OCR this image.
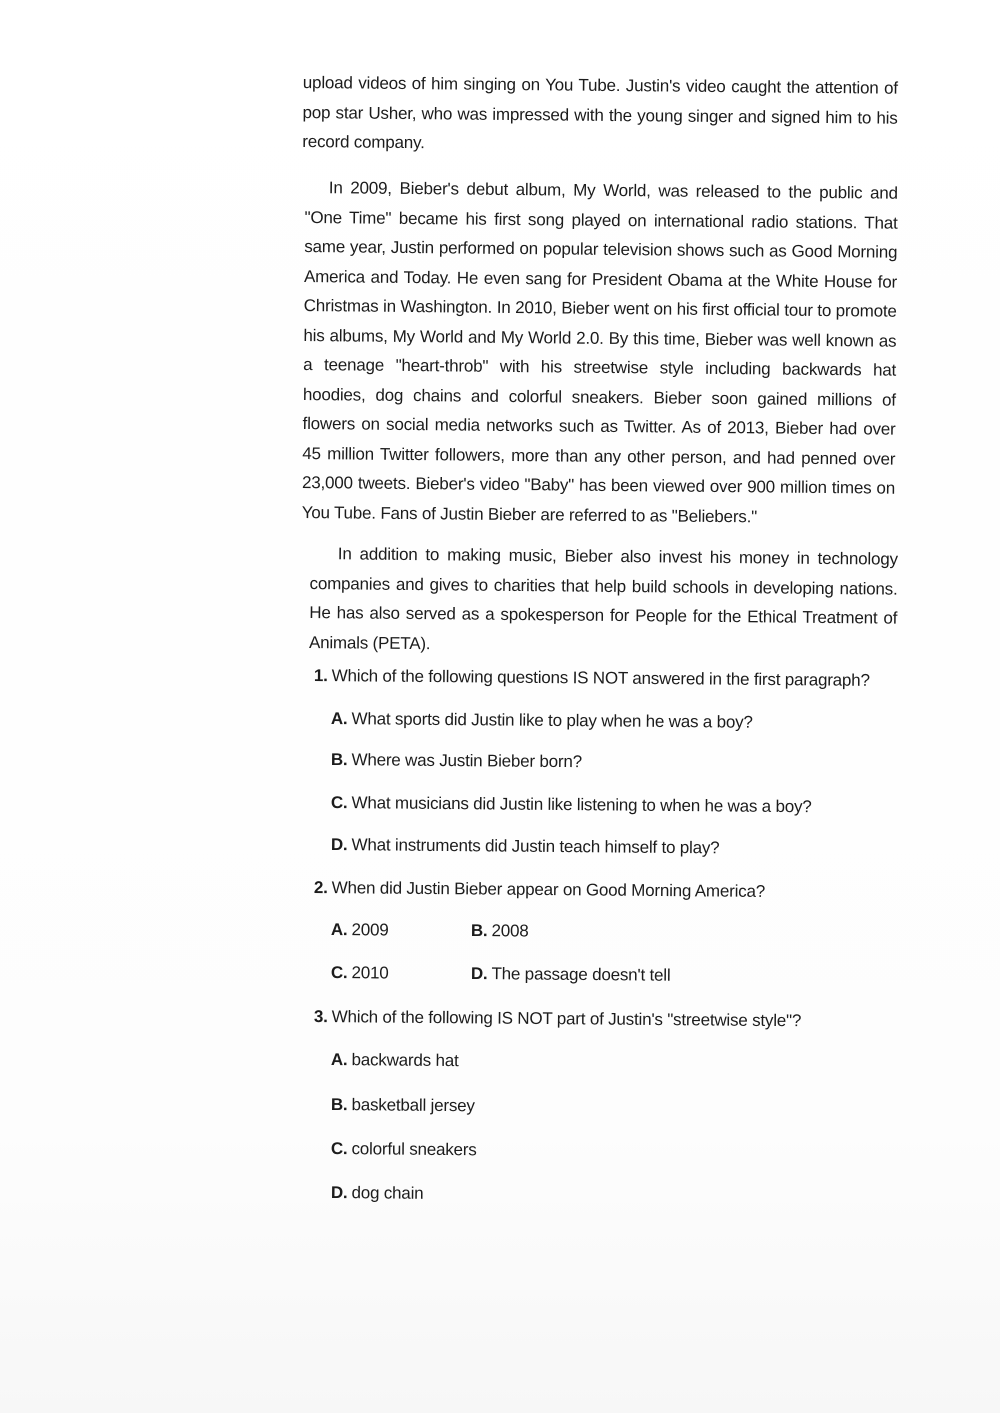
upload videos of him singing on You Tube. Justin's video caught the attention of pop star Usher, who was impressed with the young singer and signed him to his record company.

In 2009, Bieber's debut album, My World, was released to the public and "One Time" became his first song played on international radio stations. That same year, Justin performed on popular television shows such as Good Morning America and Today. He even sang for President Obama at the White House for Christmas in Washington. In 2010, Bieber went on his first official tour to promote his albums, My World and My World 2.0. By this time, Bieber was well known as a teenage "heart-throb" with his streetwise style including backwards hat hoodies, dog chains and colorful sneakers. Bieber soon gained millions of flowers on social media networks such as Twitter. As of 2013, Bieber had over 45 million Twitter followers, more than any other person, and had penned over 23,000 tweets. Bieber's video "Baby" has been viewed over 900 million times on You Tube. Fans of Justin Bieber are referred to as "Beliebers."

In addition to making music, Bieber also invest his money in technology companies and gives to charities that help build schools in developing nations. He has also served as a spokesperson for People for the Ethical Treatment of Animals (PETA).

1. Which of the following questions IS NOT answered in the first paragraph?
A. What sports did Justin like to play when he was a boy?
B. Where was Justin Bieber born?
C. What musicians did Justin like listening to when he was a boy?
D. What instruments did Justin teach himself to play?
2. When did Justin Bieber appear on Good Morning America?
A. 2009	B. 2008
C. 2010	D. The passage doesn't tell
3. Which of the following IS NOT part of Justin's "streetwise style"?
A. backwards hat
B. basketball jersey
C. colorful sneakers
D. dog chain
